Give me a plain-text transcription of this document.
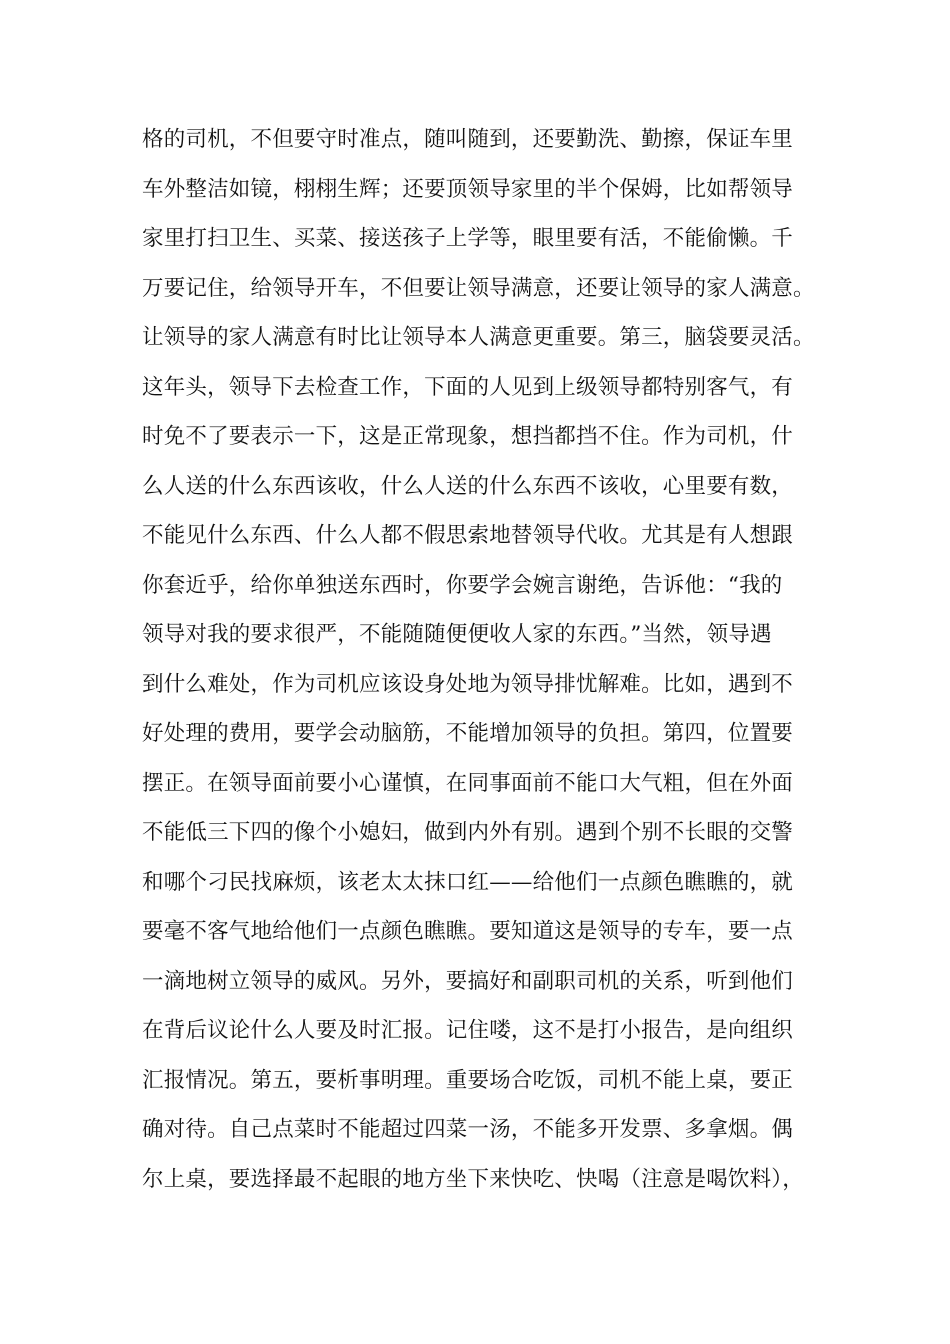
格的司机，不但要守时准点，随叫随到，还要勤洗、勤擦，保证车里
车外整洁如镜，栩栩生辉；还要顶领导家里的半个保姆，比如帮领导
家里打扫卫生、买菜、接送孩子上学等，眼里要有活，不能偷懒。千
万要记住，给领导开车，不但要让领导满意，还要让领导的家人满意。
让领导的家人满意有时比让领导本人满意更重要。第三，脑袋要灵活。
这年头，领导下去检查工作，下面的人见到上级领导都特别客气，有
时免不了要表示一下，这是正常现象，想挡都挡不住。作为司机，什
么人送的什么东西该收，什么人送的什么东西不该收，心里要有数，
不能见什么东西、什么人都不假思索地替领导代收。尤其是有人想跟
你套近乎，给你单独送东西时，你要学会婉言谢绝，告诉他：“我的
领导对我的要求很严，不能随随便便收人家的东西。”当然，领导遇
到什么难处，作为司机应该设身处地为领导排忧解难。比如，遇到不
好处理的费用，要学会动脑筋，不能增加领导的负担。第四，位置要
摆正。在领导面前要小心谨慎，在同事面前不能口大气粗，但在外面
不能低三下四的像个小媳妇，做到内外有别。遇到个别不长眼的交警
和哪个刁民找麻烦，该老太太抹口红——给他们一点颜色瞧瞧的，就
要毫不客气地给他们一点颜色瞧瞧。要知道这是领导的专车，要一点
一滴地树立领导的威风。另外，要搞好和副职司机的关系，听到他们
在背后议论什么人要及时汇报。记住喽，这不是打小报告，是向组织
汇报情况。第五，要析事明理。重要场合吃饭，司机不能上桌，要正
确对待。自己点菜时不能超过四菜一汤，不能多开发票、多拿烟。偶
尔上桌，要选择最不起眼的地方坐下来快吃、快喝（注意是喝饮料），
